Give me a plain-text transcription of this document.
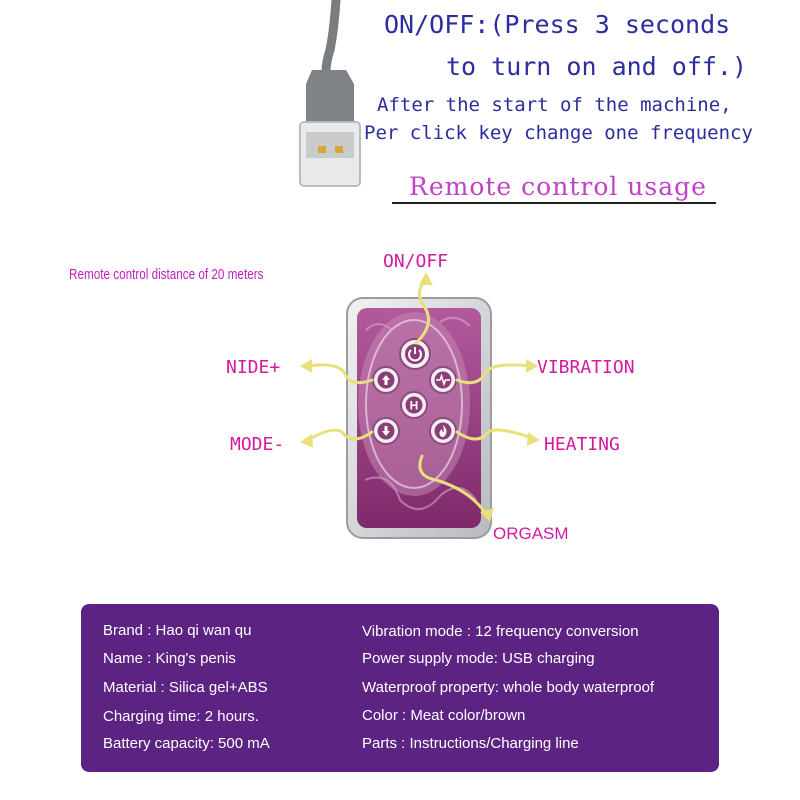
ON/OFF:(Press 3 seconds
to turn on and off.)
After the start of the machine,
Per click key change one frequency
Remote control usage
Remote control distance of 20 meters
H
ON/OFF
NIDE+	VIBRATION
MODE-	HEATING
ORGASM
Brand : Hao qi wan qu
Name : King's penis
Material : Silica gel+ABS
Charging time: 2 hours.
Battery capacity: 500 mA
Vibration mode : 12 frequency conversion
Power supply mode: USB charging
Waterproof property: whole body waterproof
Color : Meat color/brown
Parts : Instructions/Charging line
